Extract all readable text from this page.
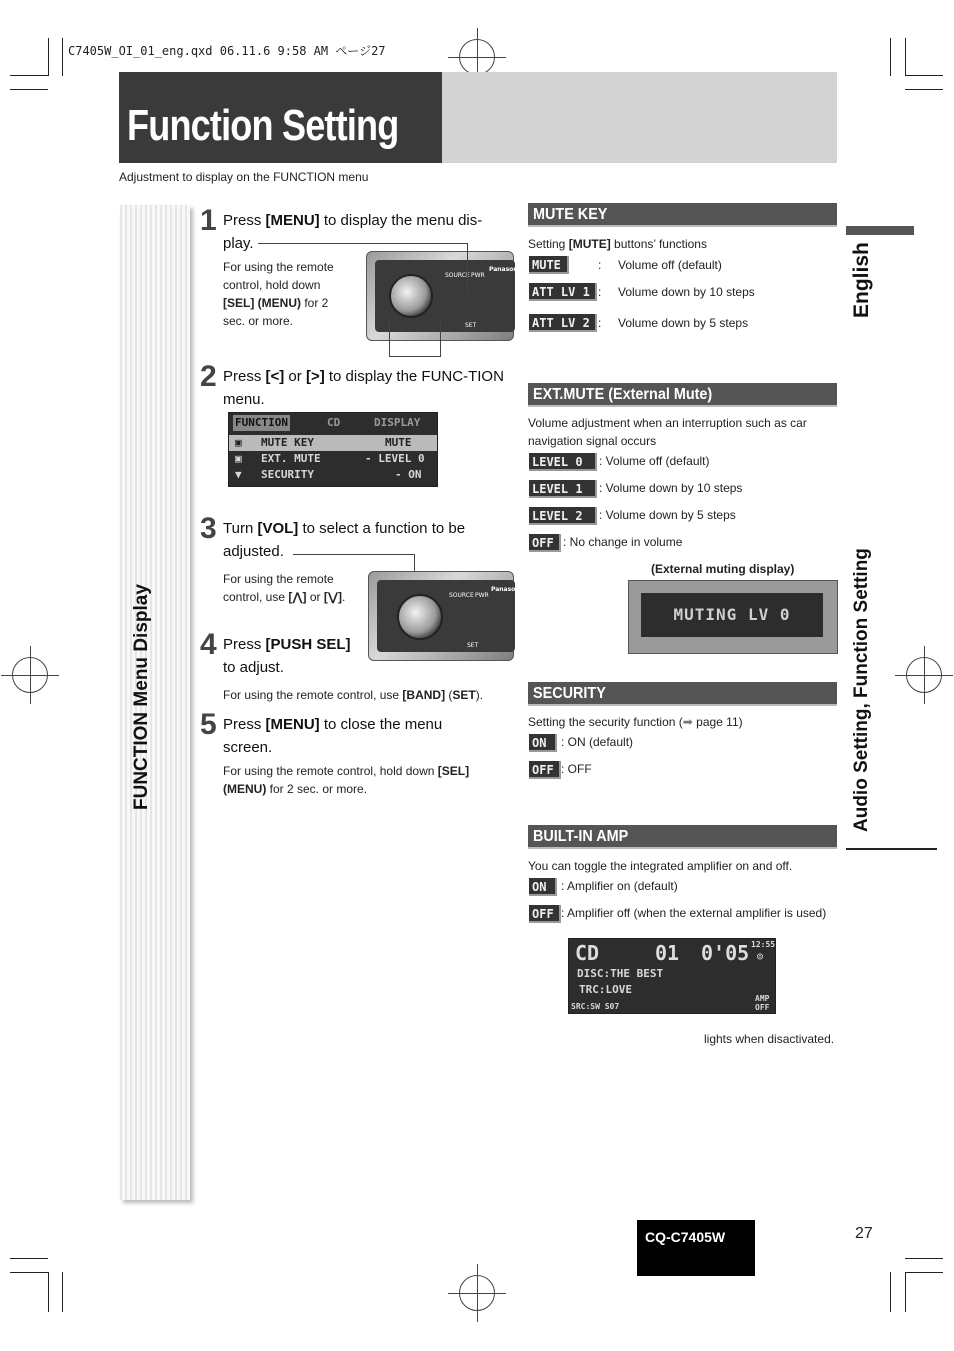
C7405W_OI_01_eng.qxd 06.11.6 9:58 AM ページ27
Function Setting
Adjustment to display on the FUNCTION menu
FUNCTION Menu Display
1 Press [MENU] to display the menu dis-play.
For using the remote control, hold down [SEL] (MENU) for 2 sec. or more.
Panasonic
SOURCE PWR
SET
2 Press [<] or [>] to display the FUNC-TION menu.
FUNCTION	CD	DISPLAY
▣ MUTE KEY	MUTE
▣ EXT. MUTE	- LEVEL 0
▼ SECURITY	- ON
3 Turn [VOL] to select a function to be adjusted.
For using the remote control, use [⋀] or [⋁].
Panasonic
SOURCE PWR
SET
4 Press [PUSH SEL] to adjust.
For using the remote control, use [BAND] (SET).
5 Press [MENU] to close the menu screen.
For using the remote control, hold down [SEL] (MENU) for 2 sec. or more.
MUTE KEY
Setting [MUTE] buttons’ functions
MUTE	: Volume off (default)
ATT LV 1 : Volume down by 10 steps
ATT LV 2 : Volume down by 5 steps
EXT.MUTE (External Mute)
Volume adjustment when an interruption such as car navigation signal occurs
LEVEL 0	: Volume off (default)
LEVEL 1	: Volume down by 10 steps
LEVEL 2	: Volume down by 5 steps
OFF : No change in volume
(External muting display)
MUTING LV 0
SECURITY
Setting the security function (➡ page 11)
ON	: ON (default)
OFF : OFF
BUILT-IN AMP
You can toggle the integrated amplifier on and off.
ON	: Amplifier on (default)
OFF : Amplifier off (when the external amplifier is used)
CD	01 0'05 12:55
◎
DISC:THE BEST
TRC:LOVE
SRC:SW S07
AMP
OFF
lights when disactivated.
English
Audio Setting, Function Setting
CQ-C7405W	27
